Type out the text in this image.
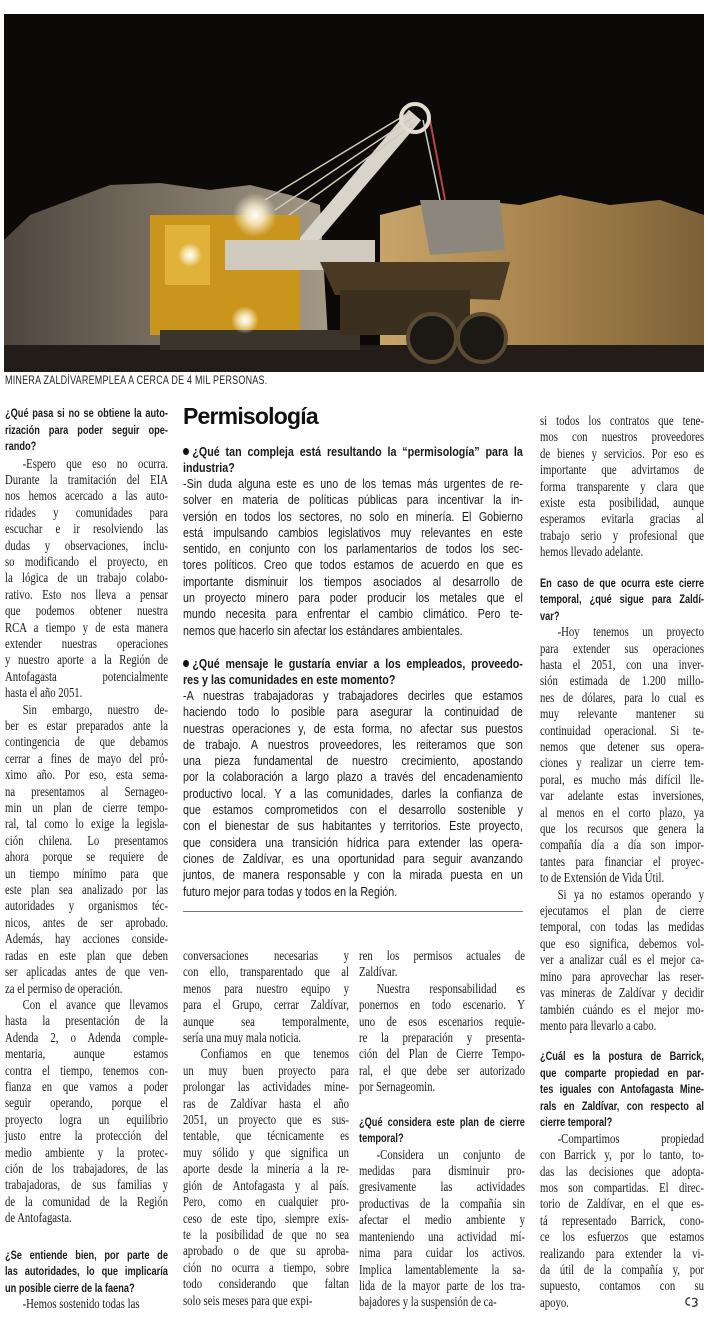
MINERA ZALDÍVAREMPLEA A CERCA DE 4 MIL PERSONAS.
¿Qué pasa si no se obtiene la auto-
rización para poder seguir ope-
rando?
-Espero que eso no ocurra.
Durante la tramitación del EIA
nos hemos acercado a las auto-
ridades y comunidades para
escuchar e ir resolviendo las
dudas y observaciones, inclu-
so modificando el proyecto, en
la lógica de un trabajo colabo-
rativo. Esto nos lleva a pensar
que podemos obtener nuestra
RCA a tiempo y de esta manera
extender nuestras operaciones
y nuestro aporte a la Región de
Antofagasta potencialmente
hasta el año 2051.
Sin embargo, nuestro de-
ber es estar preparados ante la
contingencia de que debamos
cerrar a fines de mayo del pró-
ximo año. Por eso, esta sema-
na presentamos al Sernageo-
min un plan de cierre tempo-
ral, tal como lo exige la legisla-
ción chilena. Lo presentamos
ahora porque se requiere de
un tiempo mínimo para que
este plan sea analizado por las
autoridades y organismos téc-
nicos, antes de ser aprobado.
Además, hay acciones conside-
radas en este plan que deben
ser aplicadas antes de que ven-
za el permiso de operación.
Con el avance que llevamos
hasta la presentación de la
Adenda 2, o Adenda comple-
mentaria, aunque estamos
contra el tiempo, tenemos con-
fianza en que vamos a poder
seguir operando, porque el
proyecto logra un equilibrio
justo entre la protección del
medio ambiente y la protec-
ción de los trabajadores, de las
trabajadoras, de sus familias y
de la comunidad de la Región
de Antofagasta.
¿Se entiende bien, por parte de
las autoridades, lo que implicaría
un posible cierre de la faena?
-Hemos sostenido todas las
Permisología
¿Qué tan compleja está resultando la “permisología” para la
industria?
-Sin duda alguna este es uno de los temas más urgentes de re-
solver en materia de políticas públicas para incentivar la in-
versión en todos los sectores, no solo en minería. El Gobierno
está impulsando cambios legislativos muy relevantes en este
sentido, en conjunto con los parlamentarios de todos los sec-
tores políticos. Creo que todos estamos de acuerdo en que es
importante disminuir los tiempos asociados al desarrollo de
un proyecto minero para poder producir los metales que el
mundo necesita para enfrentar el cambio climático. Pero te-
nemos que hacerlo sin afectar los estándares ambientales.
¿Qué mensaje le gustaría enviar a los empleados, proveedo-
res y las comunidades en este momento?
-A nuestras trabajadoras y trabajadores decirles que estamos
haciendo todo lo posible para asegurar la continuidad de
nuestras operaciones y, de esta forma, no afectar sus puestos
de trabajo. A nuestros proveedores, les reiteramos que son
una pieza fundamental de nuestro crecimiento, apostando
por la colaboración a largo plazo a través del encadenamiento
productivo local. Y a las comunidades, darles la confianza de
que estamos comprometidos con el desarrollo sostenible y
con el bienestar de sus habitantes y territorios. Este proyecto,
que considera una transición hídrica para extender las opera-
ciones de Zaldívar, es una oportunidad para seguir avanzando
juntos, de manera responsable y con la mirada puesta en un
futuro mejor para todas y todos en la Región.
conversaciones necesarias y
con ello, transparentado que al
menos para nuestro equipo y
para el Grupo, cerrar Zaldívar,
aunque sea temporalmente,
sería una muy mala noticia.
Confiamos en que tenemos
un muy buen proyecto para
prolongar las actividades mine-
ras de Zaldívar hasta el año
2051, un proyecto que es sus-
tentable, que técnicamente es
muy sólido y que significa un
aporte desde la minería a la re-
gión de Antofagasta y al país.
Pero, como en cualquier pro-
ceso de este tipo, siempre exis-
te la posibilidad de que no sea
aprobado o de que su aproba-
ción no ocurra a tiempo, sobre
todo considerando que faltan
solo seis meses para que expi-
ren los permisos actuales de
Zaldívar.
Nuestra responsabilidad es
ponernos en todo escenario. Y
uno de esos escenarios requie-
re la preparación y presenta-
ción del Plan de Cierre Tempo-
ral, el que debe ser autorizado
por Sernageomin.
¿Qué considera este plan de cierre
temporal?
-Considera un conjunto de
medidas para disminuir pro-
gresivamente las actividades
productivas de la compañía sin
afectar el medio ambiente y
manteniendo una actividad mí-
nima para cuidar los activos.
Implica lamentablemente la sa-
lida de la mayor parte de los tra-
bajadores y la suspensión de ca-
si todos los contratos que tene-
mos con nuestros proveedores
de bienes y servicios. Por eso es
importante que advirtamos de
forma transparente y clara que
existe esta posibilidad, aunque
esperamos evitarla gracias al
trabajo serio y profesional que
hemos llevado adelante.
En caso de que ocurra este cierre
temporal, ¿qué sigue para Zaldí-
var?
-Hoy tenemos un proyecto
para extender sus operaciones
hasta el 2051, con una inver-
sión estimada de 1.200 millo-
nes de dólares, para lo cual es
muy relevante mantener su
continuidad operacional. Si te-
nemos que detener sus opera-
ciones y realizar un cierre tem-
poral, es mucho más difícil lle-
var adelante estas inversiones,
al menos en el corto plazo, ya
que los recursos que genera la
compañía día a día son impor-
tantes para financiar el proyec-
to de Extensión de Vida Útil.
Si ya no estamos operando y
ejecutamos el plan de cierre
temporal, con todas las medidas
que eso significa, debemos vol-
ver a analizar cuál es el mejor ca-
mino para aprovechar las reser-
vas mineras de Zaldívar y decidir
también cuándo es el mejor mo-
mento para llevarlo a cabo.
¿Cuál es la postura de Barrick,
que comparte propiedad en par-
tes iguales con Antofagasta Mine-
rals en Zaldívar, con respecto al
cierre temporal?
-Compartimos propiedad
con Barrick y, por lo tanto, to-
das las decisiones que adopta-
mos son compartidas. El direc-
torio de Zaldívar, en el que es-
tá representado Barrick, cono-
ce los esfuerzos que estamos
realizando para extender la vi-
da útil de la compañía y, por
supuesto, contamos con su
apoyo.
